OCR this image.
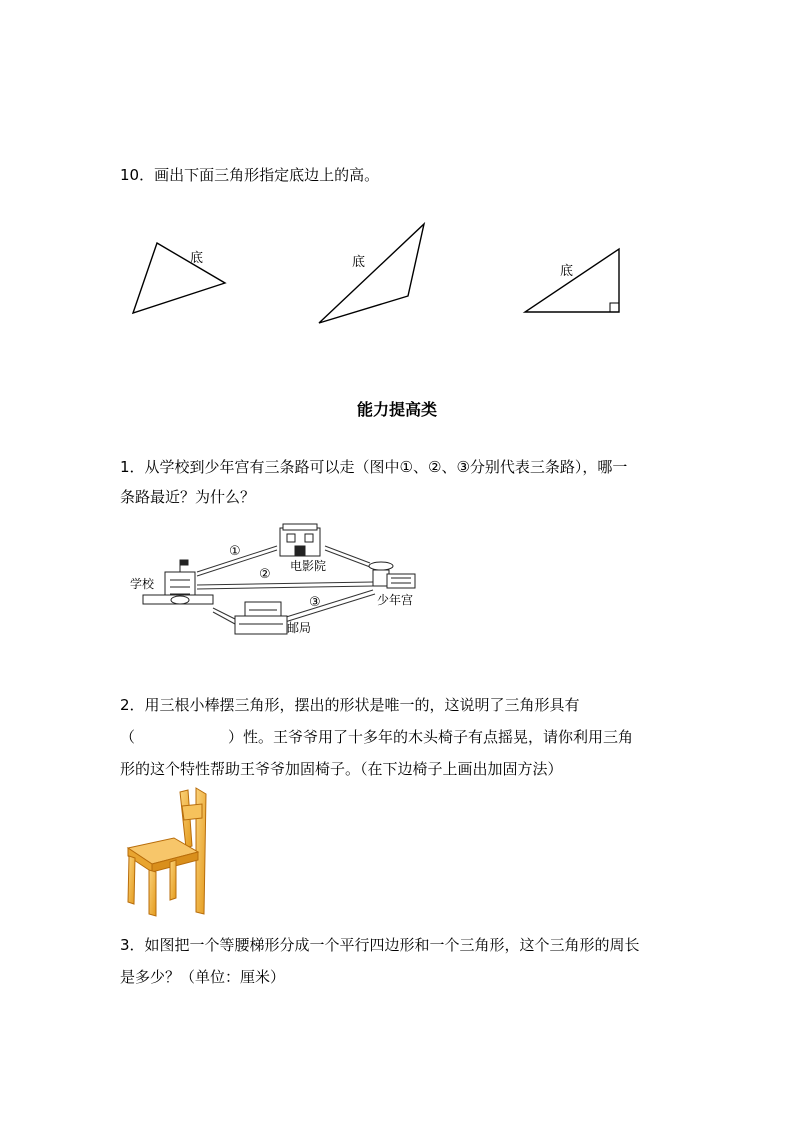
10．画出下面三角形指定底边上的高。
底	底
底
能力提高类
1．从学校到少年宫有三条路可以走（图中①、②、③分别代表三条路），哪一
条路最近？为什么？
学校
电影院
少年宫
邮局
①
②
③
2．用三根小棒摆三角形，摆出的形状是唯一的，这说明了三角形具有
（	）性。王爷爷用了十多年的木头椅子有点摇晃，请你利用三角
形的这个特性帮助王爷爷加固椅子。（在下边椅子上画出加固方法）
3．如图把一个等腰梯形分成一个平行四边形和一个三角形，这个三角形的周长
是多少？（单位：厘米）
